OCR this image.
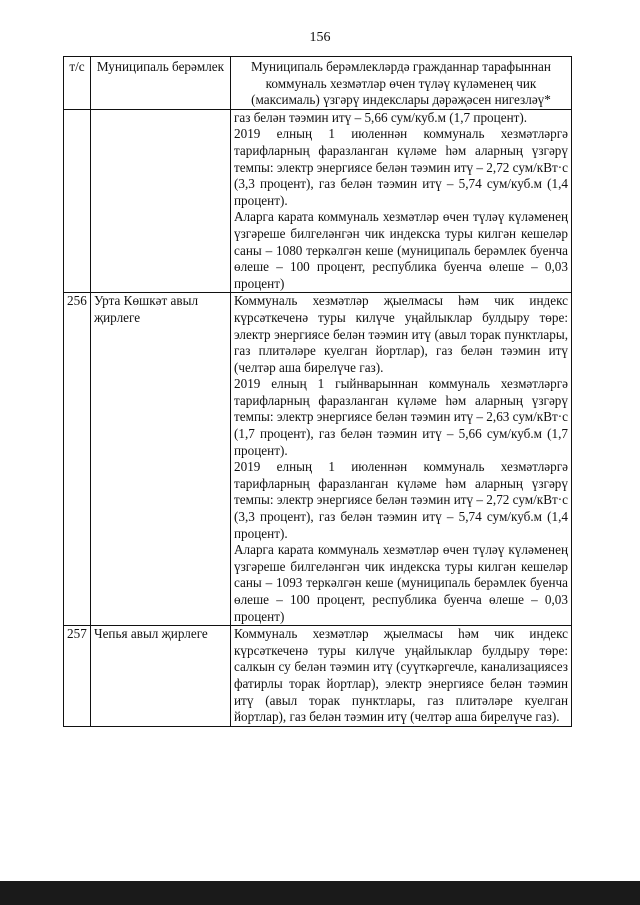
156
т/с	Муниципаль берәмлек	Муниципаль берәмлекләрдә гражданнар тарафыннан коммуналь хезмәтләр өчен түләү күләменең чик (максималь) үзгәрү индекслары дәрәҗәсен нигезләү*

		газ белән тәэмин итү – 5,66 сум/куб.м (1,7 процент).

2019 елның 1 июленнән коммуналь хезмәтләргә тарифларның фаразланган күләме һәм аларның үзгәрү темпы: электр энергиясе белән тәэмин итү – 2,72 сум/кВт·с (3,3 процент), газ белән тәэмин итү – 5,74 сум/куб.м (1,4 процент).

Аларга карата коммуналь хезмәтләр өчен түләү күләменең үзгәреше билгеләнгән чик индекска туры килгән кешеләр саны – 1080 теркәлгән кеше (муниципаль берәмлек буенча өлеше – 100 процент, республика буенча өлеше – 0,03 процент)

256	Урта Көшкәт авыл җирлеге	Коммуналь хезмәтләр җыелмасы һәм чик индекс күрсәткеченә туры килүче уңайлыклар булдыру төре: электр энергиясе белән тәэмин итү (авыл торак пунктлары, газ плитәләре куелган йортлар), газ белән тәэмин итү (челтәр аша бирелүче газ).

2019 елның 1 гыйнварыннан коммуналь хезмәтләргә тарифларның фаразланган күләме һәм аларның үзгәрү темпы: электр энергиясе белән тәэмин итү – 2,63 сум/кВт·с (1,7 процент), газ белән тәэмин итү – 5,66 сум/куб.м (1,7 процент).

2019 елның 1 июленнән коммуналь хезмәтләргә тарифларның фаразланган күләме һәм аларның үзгәрү темпы: электр энергиясе белән тәэмин итү – 2,72 сум/кВт·с (3,3 процент), газ белән тәэмин итү – 5,74 сум/куб.м (1,4 процент).

Аларга карата коммуналь хезмәтләр өчен түләү күләменең үзгәреше билгеләнгән чик индекска туры килгән кешеләр саны – 1093 теркәлгән кеше (муниципаль берәмлек буенча өлеше – 100 процент, республика буенча өлеше – 0,03 процент)

257	Чепья авыл җирлеге	Коммуналь хезмәтләр җыелмасы һәм чик индекс күрсәткеченә туры килүче уңайлыклар булдыру төре: салкын су белән тәэмин итү (суүткәргечле, канализациясез фатирлы торак йортлар), электр энергиясе белән тәэмин итү (авыл торак пунктлары, газ плитәләре куелган йортлар), газ белән тәэмин итү (челтәр аша бирелүче газ).
